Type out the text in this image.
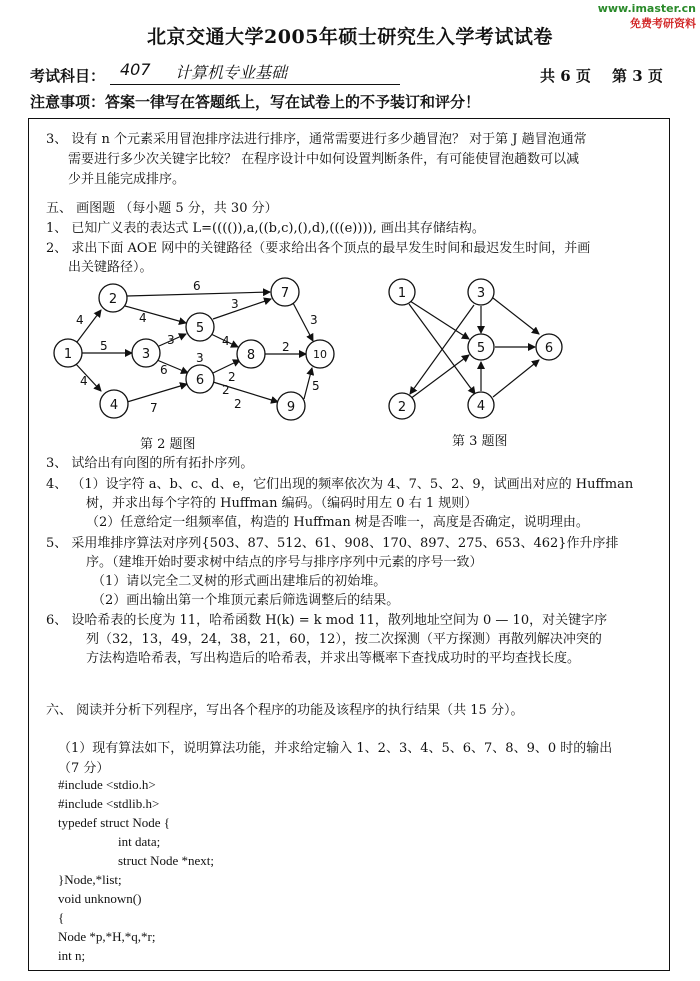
www.imaster.cn
免费考研资料
北京交通大学2005年硕士研究生入学考试试卷
考试科目： 407 计算机专业基础	共 6 页 第 3 页
注意事项：答案一律写在答题纸上，写在试卷上的不予装订和评分！
3、 设有 n 个元素采用冒泡排序法进行排序，通常需要进行多少趟冒泡？ 对于第 J 趟冒泡通常
需要进行多少次关键字比较？ 在程序设计中如何设置判断条件，有可能使冒泡趟数可以减
少并且能完成排序。
五、 画图题 （每小题 5 分，共 30 分）
1、 已知广义表的表达式 L=(((()),a,((b,c),(),d),(((e)))), 画出其存储结构。
2、 求出下面 AOE 网中的关键路径（要求给出各个顶点的最早发生时间和最迟发生时间，并画
出关键路径）。
1
2
3
4
5
6
7
8
9
10
4
5
4
6
4
3
3
3
6
7
4
2
2
2
2
3
5
第 2 题图
1
2
3
4
5	6
第 3 题图
3、 试给出有向图的所有拓扑序列。
4、 （1）设字符 a、b、c、d、e，它们出现的频率依次为 4、7、5、2、9，试画出对应的 Huffman
树，并求出每个字符的 Huffman 编码。（编码时用左 0 右 1 规则）
（2）任意给定一组频率值，构造的 Huffman 树是否唯一，高度是否确定，说明理由。
5、 采用堆排序算法对序列{503、87、512、61、908、170、897、275、653、462}作升序排
序。（建堆开始时要求树中结点的序号与排序序列中元素的序号一致）
（1）请以完全二叉树的形式画出建堆后的初始堆。
（2）画出输出第一个堆顶元素后筛选调整后的结果。
6、 设哈希表的长度为 11，哈希函数 H(k) = k mod 11，散列地址空间为 0 — 10，对关键字序
列（32，13，49，24，38，21，60，12），按二次探测（平方探测）再散列解决冲突的
方法构造哈希表，写出构造后的哈希表，并求出等概率下查找成功时的平均查找长度。
六、 阅读并分析下列程序，写出各个程序的功能及该程序的执行结果（共 15 分）。
（1）现有算法如下，说明算法功能，并求给定输入 1、2、3、4、5、6、7、8、9、0 时的输出
（7 分）
#include <stdio.h>
#include <stdlib.h>
typedef struct Node {
int data;
struct Node *next;
}Node,*list;
void unknown()
{
Node *p,*H,*q,*r;
int n;
